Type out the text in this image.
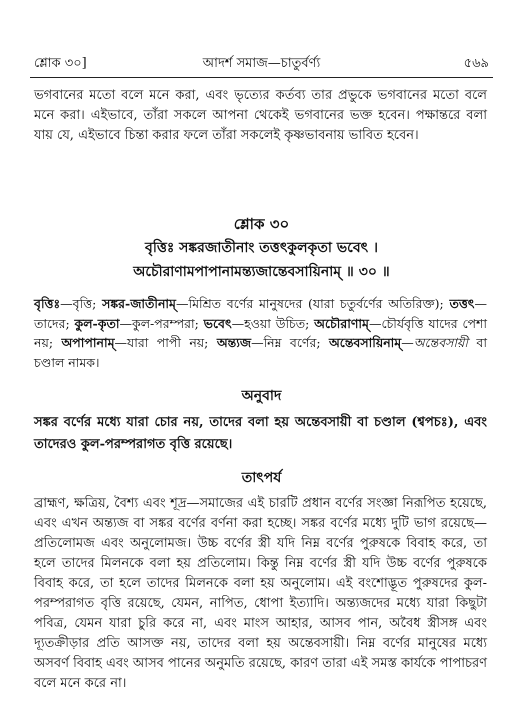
শ্লোক ৩০]	আদর্শ সমাজ—চাতুর্বর্ণ্য	৫৬৯

ভগবানের মতো বলে মনে করা, এবং ভৃত্যের কর্তব্য তার প্রভুকে ভগবানের মতো বলে মনে করা। এইভাবে, তাঁরা সকলে আপনা থেকেই ভগবানের ভক্ত হবেন। পক্ষান্তরে বলা যায় যে, এইভাবে চিন্তা করার ফলে তাঁরা সকলেই কৃষ্ণভাবনায় ভাবিত হবেন।

শ্লোক ৩০
বৃত্তিঃ সঙ্করজাতীনাং তত্তৎকুলকৃতা ভবেৎ ।
অচৌরাণামপাপানামন্ত্যজান্তেবসায়িনাম্ ॥ ৩০ ॥

বৃত্তিঃ—বৃত্তি; সঙ্কর-জাতীনাম্—মিশ্রিত বর্ণের মানুষদের (যারা চতুর্বর্ণের অতিরিক্ত); তত্তৎ—তাদের; কুল-কৃতা—কুল-পরম্পরা; ভবেৎ—হওয়া উচিত; অচৌরাণাম্—চৌর্যবৃত্তি যাদের পেশা নয়; অপাপানাম্—যারা পাপী নয়; অন্ত্যজ—নিম্ন বর্ণের; অন্তেবসায়িনাম্—অন্তেবসায়ী বা চণ্ডাল নামক।

অনুবাদ

সঙ্কর বর্ণের মধ্যে যারা চোর নয়, তাদের বলা হয় অন্তেবসায়ী বা চণ্ডাল (শ্বপচঃ), এবং তাদেরও কুল-পরম্পরাগত বৃত্তি রয়েছে।

তাৎপর্য

ব্রাহ্মণ, ক্ষত্রিয়, বৈশ্য এবং শূদ্র—সমাজের এই চারটি প্রধান বর্ণের সংজ্ঞা নিরূপিত হয়েছে, এবং এখন অন্ত্যজ বা সঙ্কর বর্ণের বর্ণনা করা হচ্ছে। সঙ্কর বর্ণের মধ্যে দুটি ভাগ রয়েছে—প্রতিলোমজ এবং অনুলোমজ। উচ্চ বর্ণের স্ত্রী যদি নিম্ন বর্ণের পুরুষকে বিবাহ করে, তা হলে তাদের মিলনকে বলা হয় প্রতিলোম। কিন্তু নিম্ন বর্ণের স্ত্রী যদি উচ্চ বর্ণের পুরুষকে বিবাহ করে, তা হলে তাদের মিলনকে বলা হয় অনুলোম। এই বংশোদ্ভূত পুরুষদের কুল-পরম্পরাগত বৃত্তি রয়েছে, যেমন, নাপিত, ধোপা ইত্যাদি। অন্ত্যজদের মধ্যে যারা কিছুটা পবিত্র, যেমন যারা চুরি করে না, এবং মাংস আহার, আসব পান, অবৈধ স্ত্রীসঙ্গ এবং দ্যূতক্রীড়ার প্রতি আসক্ত নয়, তাদের বলা হয় অন্তেবসায়ী। নিম্ন বর্ণের মানুষের মধ্যে অসবর্ণ বিবাহ এবং আসব পানের অনুমতি রয়েছে, কারণ তারা এই সমস্ত কার্যকে পাপাচরণ বলে মনে করে না।
